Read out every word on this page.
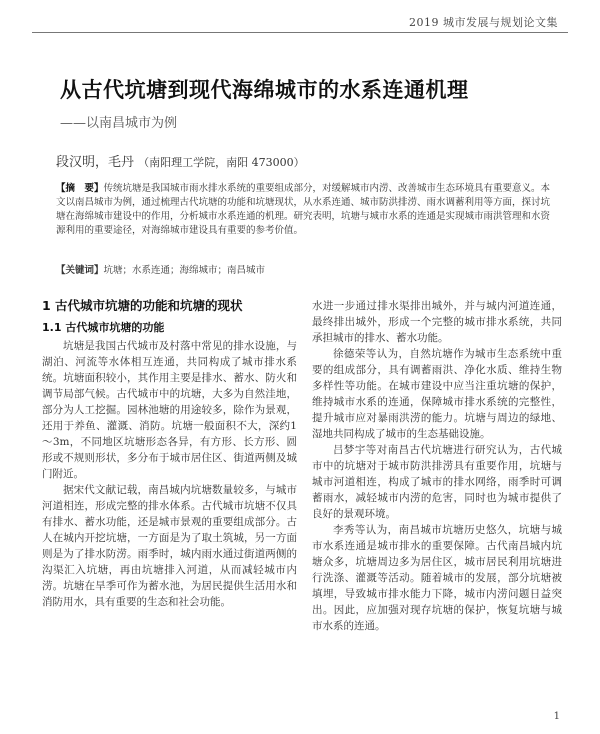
2019 城市发展与规划论文集
从古代坑塘到现代海绵城市的水系连通机理
——以南昌城市为例
段汉明，毛丹 （南阳理工学院，南阳 473000）
【摘　要】传统坑塘是我国城市雨水排水系统的重要组成部分，对缓解城市内涝、改善城市生态环境具有重要意义。本文以南昌城市为例，通过梳理古代坑塘的功能和坑塘现状，从水系连通、城市防洪排涝、雨水调蓄利用等方面，探讨坑塘在海绵城市建设中的作用，分析城市水系连通的机理。研究表明，坑塘与城市水系的连通是实现城市雨洪管理和水资源利用的重要途径，对海绵城市建设具有重要的参考价值。
【关键词】坑塘；水系连通；海绵城市；南昌城市
1 古代城市坑塘的功能和坑塘的现状
1.1 古代城市坑塘的功能

坑塘是我国古代城市及村落中常见的排水设施，与湖泊、河流等水体相互连通，共同构成了城市排水系统。坑塘面积较小，其作用主要是排水、蓄水、防火和调节局部气候。古代城市中的坑塘，大多为自然洼地，部分为人工挖掘。园林池塘的用途较多，除作为景观，还用于养鱼、灌溉、消防。坑塘一般面积不大，深约1～3m，不同地区坑塘形态各异，有方形、长方形、圆形或不规则形状，多分布于城市居住区、街道两侧及城门附近。

据宋代文献记载，南昌城内坑塘数量较多，与城市河道相连，形成完整的排水体系。古代城市坑塘不仅具有排水、蓄水功能，还是城市景观的重要组成部分。古人在城内开挖坑塘，一方面是为了取土筑城，另一方面则是为了排水防涝。雨季时，城内雨水通过街道两侧的沟渠汇入坑塘，再由坑塘排入河道，从而减轻城市内涝。坑塘在旱季可作为蓄水池，为居民提供生活用水和消防用水，具有重要的生态和社会功能。

水进一步通过排水渠排出城外，并与城内河道连通，最终排出城外，形成一个完整的城市排水系统，共同承担城市的排水、蓄水功能。

徐德荣等认为，自然坑塘作为城市生态系统中重要的组成部分，具有调蓄雨洪、净化水质、维持生物多样性等功能。在城市建设中应当注重坑塘的保护，维持城市水系的连通，保障城市排水系统的完整性，提升城市应对暴雨洪涝的能力。坑塘与周边的绿地、湿地共同构成了城市的生态基础设施。

吕梦宇等对南昌古代坑塘进行研究认为，古代城市中的坑塘对于城市防洪排涝具有重要作用，坑塘与城市河道相连，构成了城市的排水网络，雨季时可调蓄雨水，减轻城市内涝的危害，同时也为城市提供了良好的景观环境。

李秀等认为，南昌城市坑塘历史悠久，坑塘与城市水系连通是城市排水的重要保障。古代南昌城内坑塘众多，坑塘周边多为居住区，城市居民利用坑塘进行洗涤、灌溉等活动。随着城市的发展，部分坑塘被填埋，导致城市排水能力下降，城市内涝问题日益突出。因此，应加强对现存坑塘的保护，恢复坑塘与城市水系的连通。

1
